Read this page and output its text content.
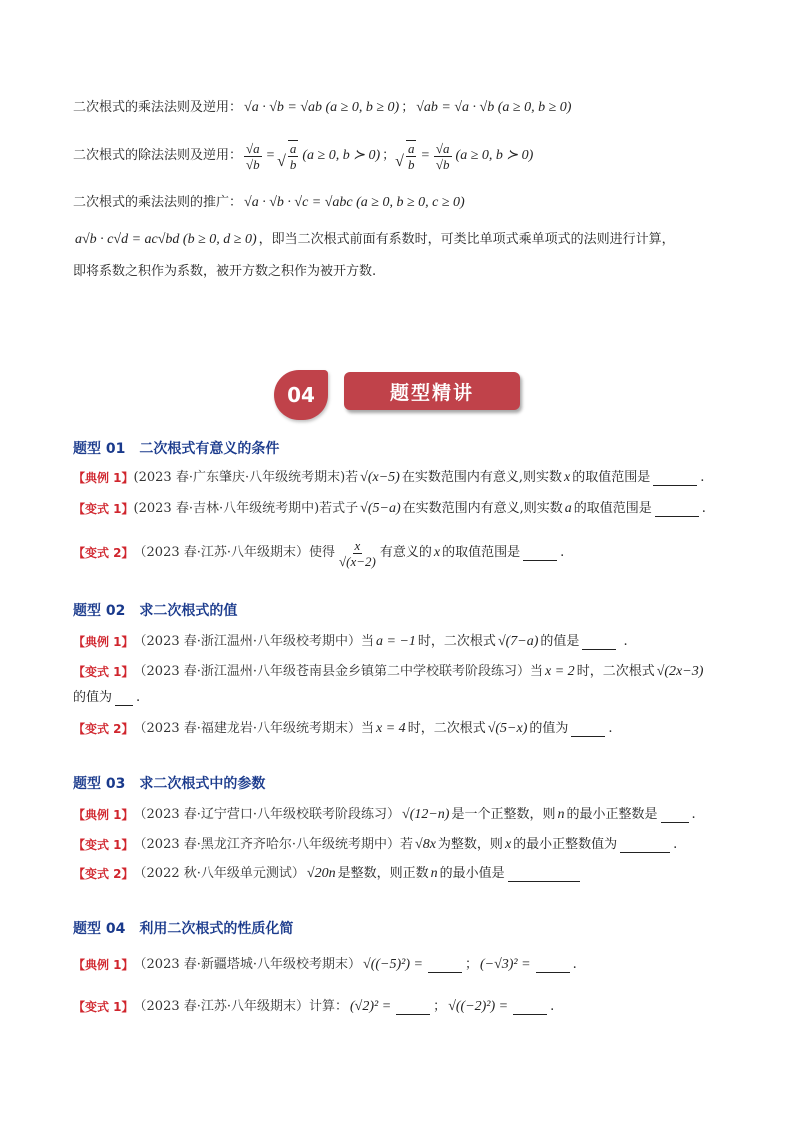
二次根式的乘法法则及逆用： √a · √b = √ab (a ≥ 0, b ≥ 0) ； √ab = √a · √b (a ≥ 0, b ≥ 0)
二次根式的除法法则及逆用： $\frac{√a}{√b}$ = √ $\frac{a}{b} (a \ge 0$, b ≻ 0) ； √ $\frac{a}{b} = \frac{√a}{√b} (a \ge 0$, b ≻ 0)
二次根式的乘法法则的推广： √a · √b · √c = √abc (a ≥ 0, b ≥ 0, c ≥ 0)
a√b · c√d = ac√bd (b ≥ 0, d ≥ 0) ，即当二次根式前面有系数时，可类比单项式乘单项式的法则进行计算，
即将系数之积作为系数，被开方数之积作为被开方数.
04	题型精讲
题型 01　二次根式有意义的条件
【典例 1】 (2023 春·广东肇庆·八年级统考期末)若 √(x−5) 在实数范围内有意义,则实数 x 的取值范围是	.
【变式 1】 (2023 春·吉林·八年级统考期中)若式子 √(5−a) 在实数范围内有意义,则实数 a 的取值范围是	.
【变式 2】 （2023 春·江苏·八年级期末）使得 $\frac{x}{√(x-2)}$ 有意义的 x 的取值范围是	.
题型 02　求二次根式的值
【典例 1】 （2023 春·浙江温州·八年级校考期中）当 a = −1 时，二次根式 √(7−a) 的值是	.
【变式 1】 （2023 春·浙江温州·八年级苍南县金乡镇第二中学校联考阶段练习）当 x = 2 时，二次根式 √(2x−3)
的值为 .
【变式 2】 （2023 春·福建龙岩·八年级统考期末）当 x = 4 时，二次根式 √(5−x) 的值为	.
题型 03　求二次根式中的参数
【典例 1】 （2023 春·辽宁营口·八年级校联考阶段练习） √(12−n) 是一个正整数，则 n 的最小正整数是	.
【变式 1】 （2023 春·黑龙江齐齐哈尔·八年级统考期中）若 √8x 为整数，则 x 的最小正整数值为	.
【变式 2】 （2022 秋·八年级单元测试） √20n 是整数，则正数 n 的最小值是
题型 04　利用二次根式的性质化简
【典例 1】 （2023 春·新疆塔城·八年级校考期末） √((−5)²) =	； (−√3)² =	.
【变式 1】 （2023 春·江苏·八年级期末）计算： (√2)² =	； √((−2)²) =	.
